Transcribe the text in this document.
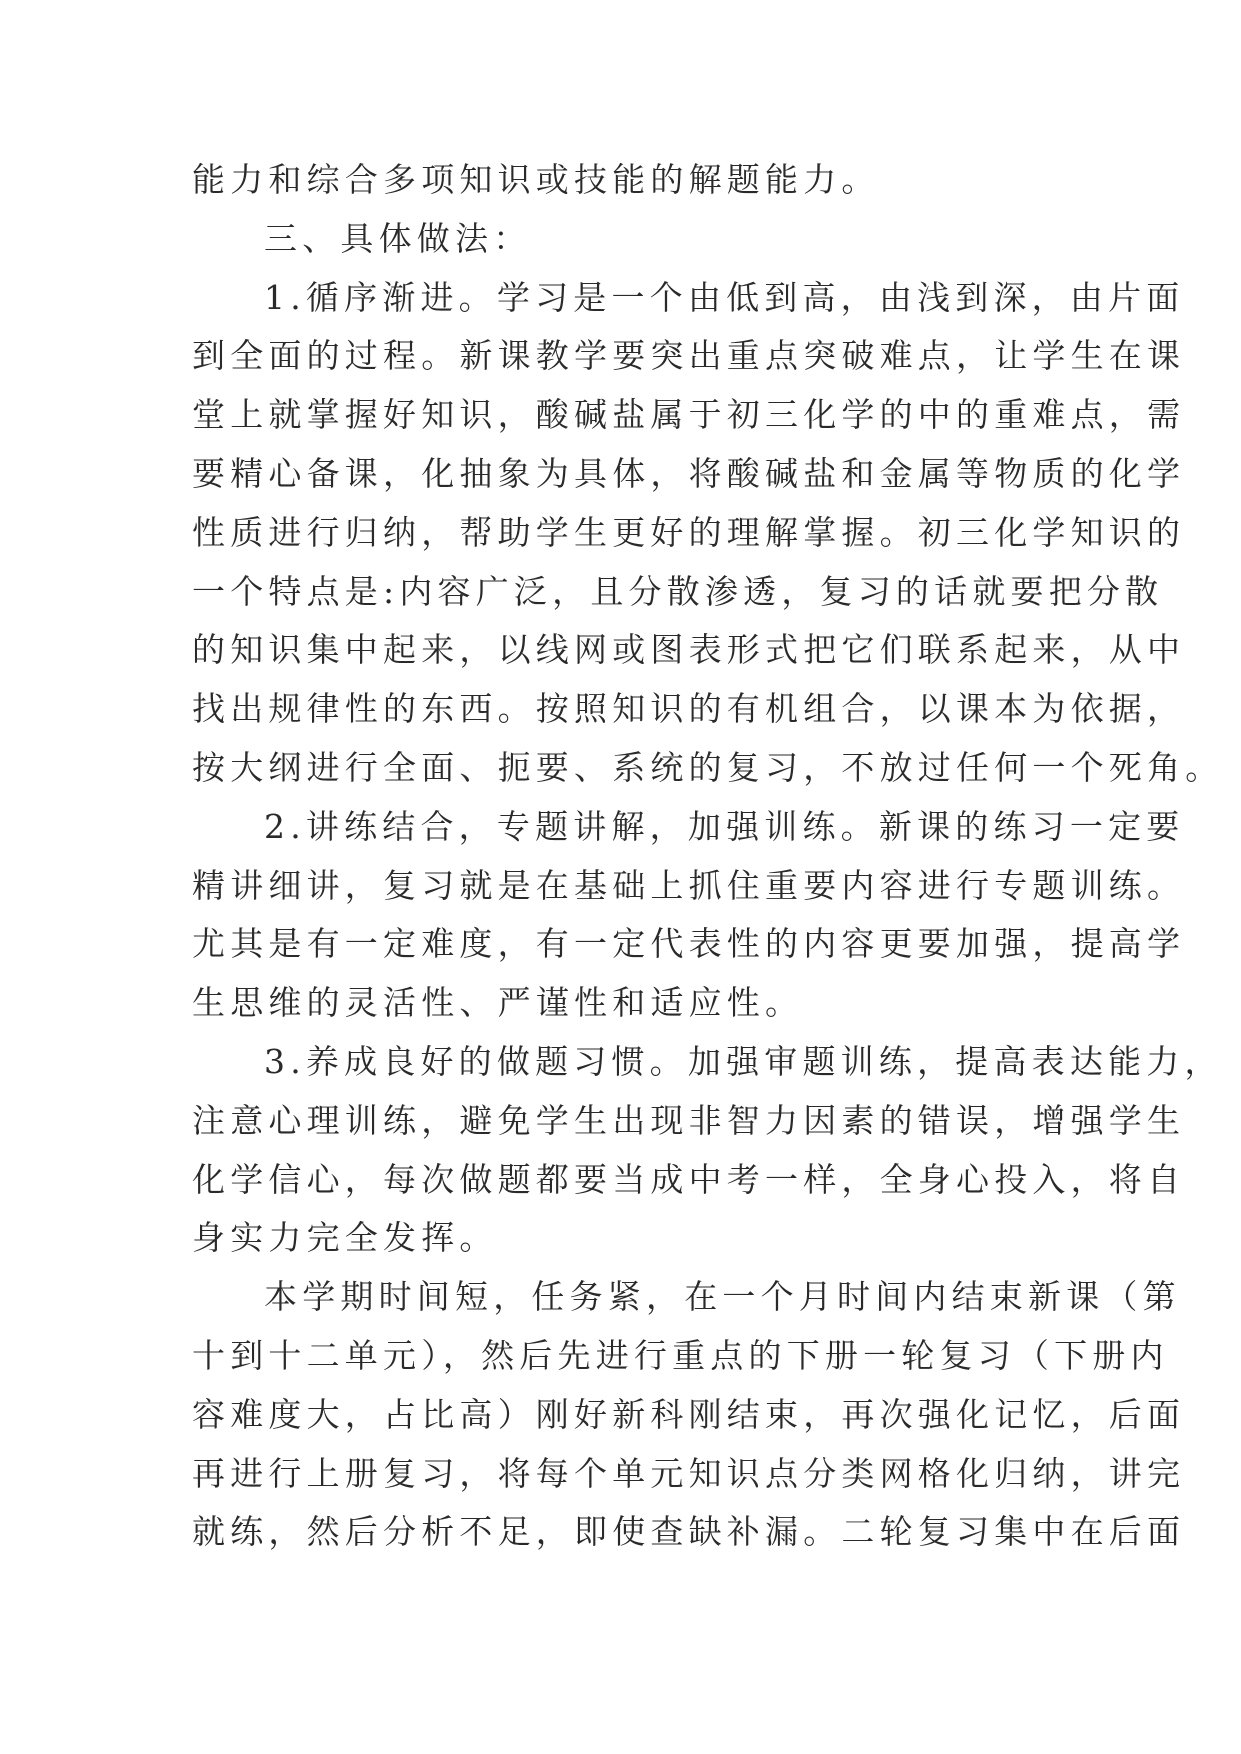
能力和综合多项知识或技能的解题能力。
三、具体做法：
1.循序渐进。学习是一个由低到高，由浅到深，由片面
到全面的过程。新课教学要突出重点突破难点，让学生在课
堂上就掌握好知识，酸碱盐属于初三化学的中的重难点，需
要精心备课，化抽象为具体，将酸碱盐和金属等物质的化学
性质进行归纳，帮助学生更好的理解掌握。初三化学知识的
一个特点是:内容广泛，且分散渗透，复习的话就要把分散
的知识集中起来，以线网或图表形式把它们联系起来，从中
找出规律性的东西。按照知识的有机组合，以课本为依据，
按大纲进行全面、扼要、系统的复习，不放过任何一个死角。
2.讲练结合，专题讲解，加强训练。新课的练习一定要
精讲细讲，复习就是在基础上抓住重要内容进行专题训练。
尤其是有一定难度，有一定代表性的内容更要加强，提高学
生思维的灵活性、严谨性和适应性。
3.养成良好的做题习惯。加强审题训练，提高表达能力，
注意心理训练，避免学生出现非智力因素的错误，增强学生
化学信心，每次做题都要当成中考一样，全身心投入，将自
身实力完全发挥。
本学期时间短，任务紧，在一个月时间内结束新课（第
十到十二单元），然后先进行重点的下册一轮复习（下册内
容难度大，占比高）刚好新科刚结束，再次强化记忆，后面
再进行上册复习，将每个单元知识点分类网格化归纳，讲完
就练，然后分析不足，即使查缺补漏。二轮复习集中在后面
